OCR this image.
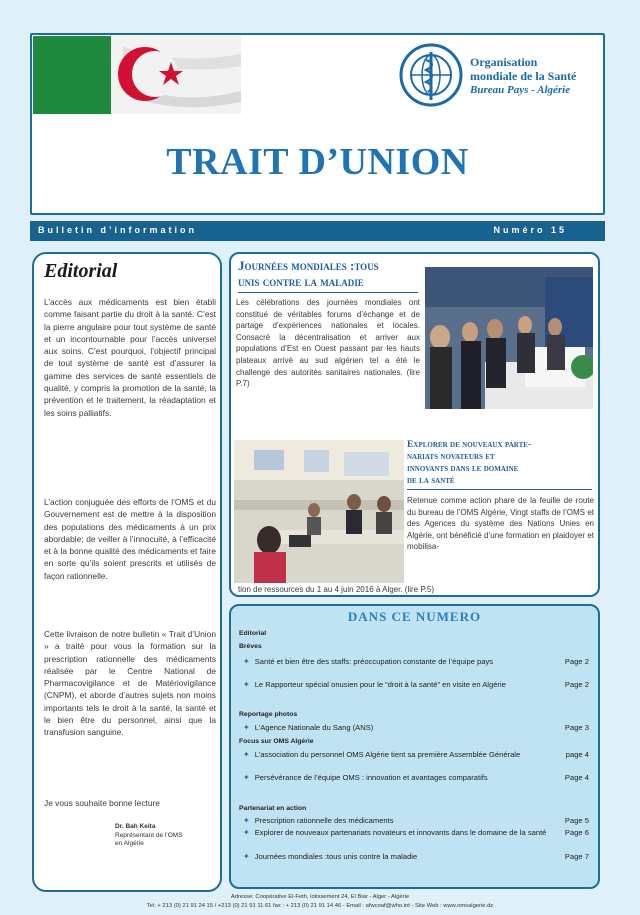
Organisation
mondiale de la Santé
Bureau Pays - Algérie
TRAIT D’UNION
Bulletin d’information	Numéro 15
Editorial
L’accès aux médicaments est bien établi comme faisant partie du droit à la santé. C’est la pierre angulaire pour tout système de santé et un incontournable pour l’accès universel aux soins. C’est pourquoi, l’objectif principal de tout système de santé est d’assurer la gamme des services de santé essentiels de qualité, y compris la promotion de la santé, la prévention et le traitement, la réadaptation et les soins palliatifs.
L’action conjuguée des efforts de l’OMS et du Gouvernement est de mettre à la disposition des populations des médicaments à un prix abordable; de veiller à l’innocuité, à l’efficacité et à la bonne qualité des médicaments et faire en sorte qu’ils soient prescrits et utilisés de façon rationnelle.
Cette livraison de notre bulletin « Trait d’Union » a traité pour vous la formation sur la prescription rationnelle des médicaments réalisée par le Centre National de Pharmacovigilance et de Matériovigilance (CNPM), et aborde d’autres sujets non moins importants tels le droit à la santé, la santé et le bien être du personnel, ainsi que la transfusion sanguine.
Je vous souhaite bonne lecture
Dr. Bah Keita
Représentant de l’OMS
en Algérie
Journées mondiales :tous
unis contre la maladie
Les célébrations des journées mondiales ont constitué de véritables forums d’échange et de partage d’expériences nationales et locales. Consacré la décentralisation et arriver aux populations d’Est en Ouest passant par les hauts plateaux arrivé au sud algérien tel a été le challenge des autorités sanitaires nationales. (lire P.7)
Explorer de nouveaux parte-
nariats novateurs et
innovants dans le domaine
de la santé
Retenue comme action phare de la feuille de route du bureau de l’OMS Algérie, Vingt staffs de l’OMS et des Agences du système des Nations Unies en Algérie, ont bénéficié d’une formation en plaidoyer et mobilisa-
tion de ressources du 1 au 4 juin 2016 à Alger. (lire P.5)
DANS CE NUMERO
Editorial
Brèves
✦ Santé et bien être des staffs: préoccupation constante de l’équipe pays	Page 2
✦ Le Rapporteur spécial onusien pour le “droit à la santé” en visite en Algérie	Page 2
Reportage photos
✦ L’Agence Nationale du Sang (ANS)	Page 3
Focus sur OMS Algérie
✦ L’association du personnel OMS Algérie tient sa première Assemblée Générale	page 4
✦ Persévérance de l’équipe OMS : innovation et avantages comparatifs	Page 4
Partenariat en action
✦ Prescription rationnelle des médicaments	Page 5
✦ Explorer de nouveaux partenariats novateurs et innovants dans le domaine de la santé Page 6
✦ Journées mondiales :tous unis contre la maladie	Page 7
Adresse: Coopérative El-Feth, lotissement 24, El Biar - Alger - Algérie
Tel: + 213 (0) 21 91 24 15 / +213 (0) 21 91 11 61 fax : + 213 (0) 21 91 14 46 - Email : afwcoaf@who.int - Site Web : www.omsalgerie.dz
